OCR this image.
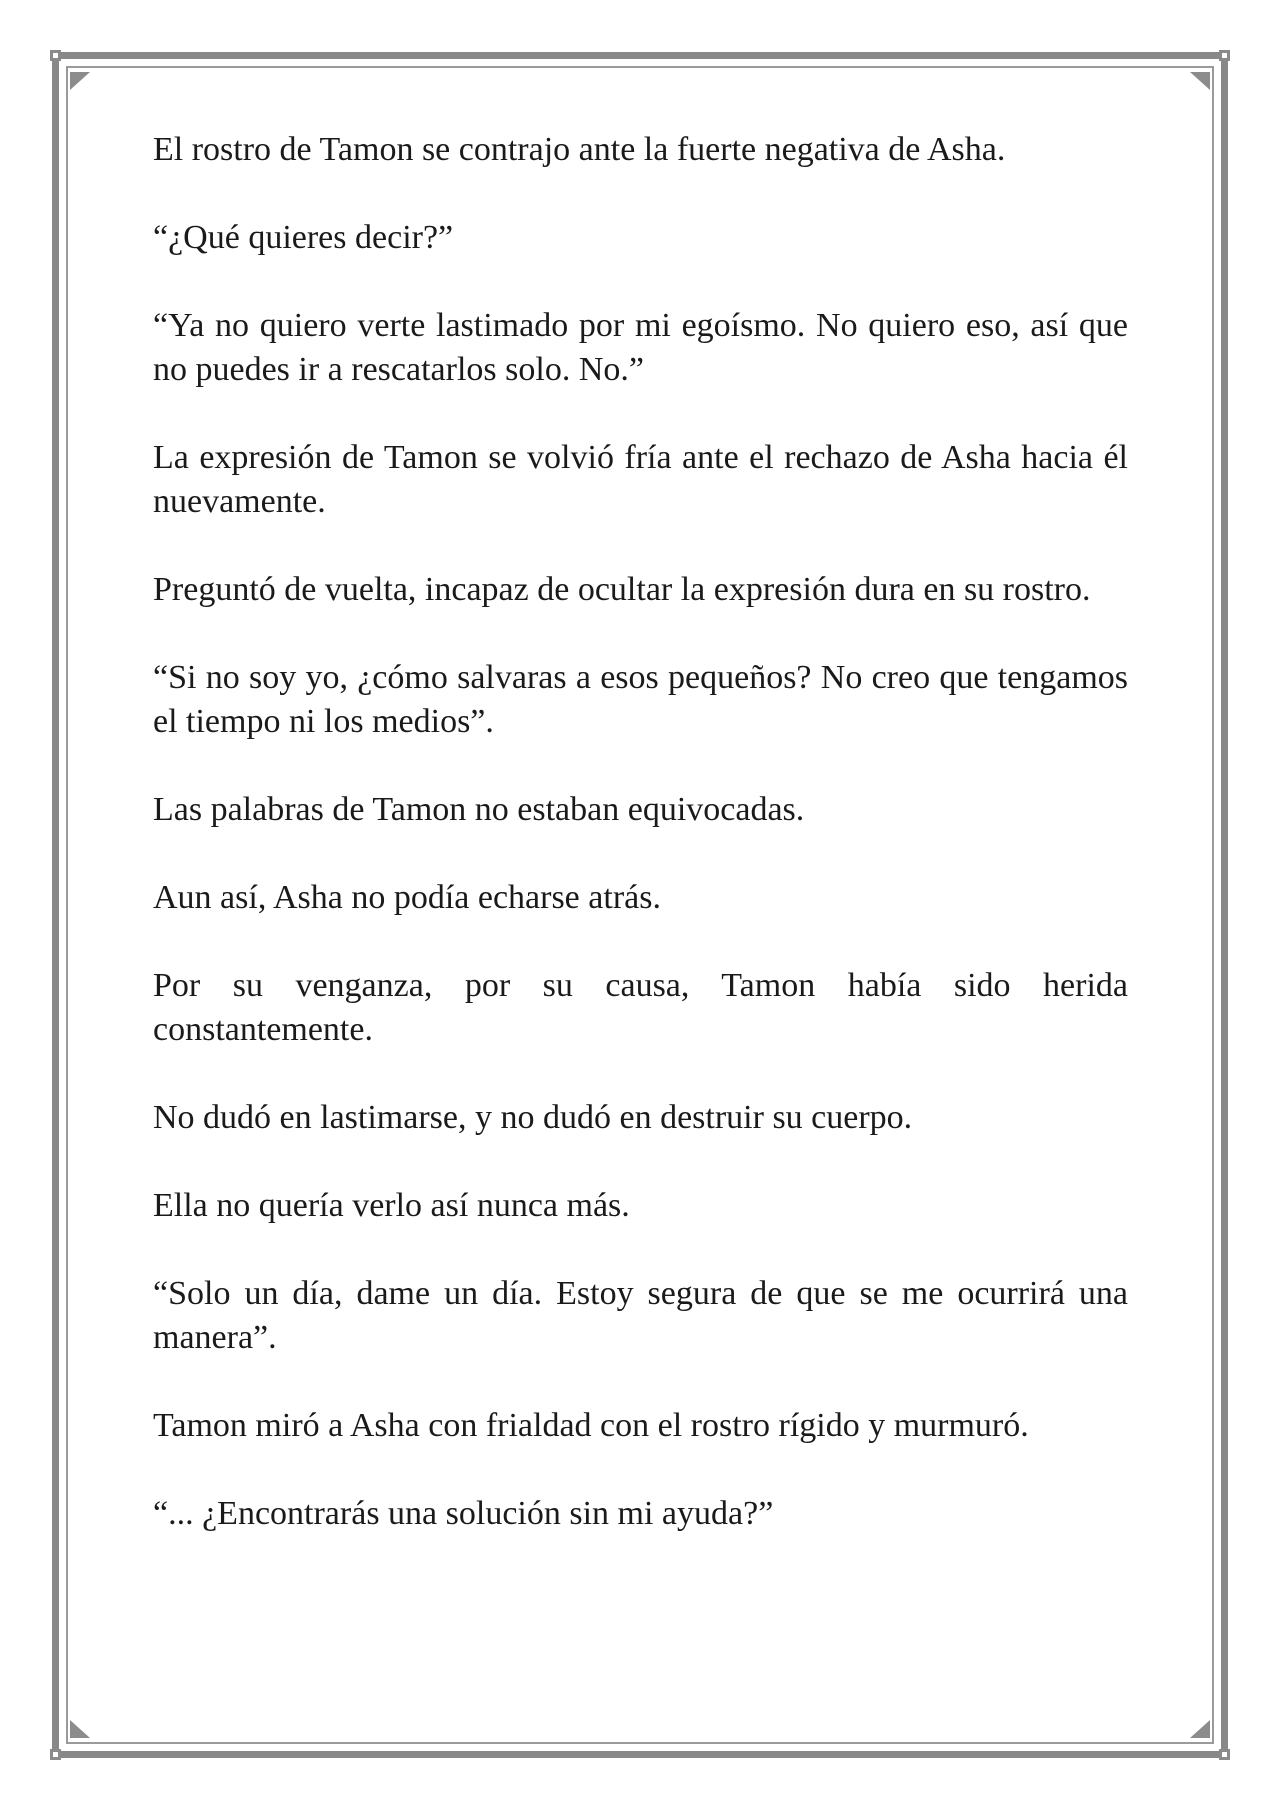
El rostro de Tamon se contrajo ante la fuerte negativa de Asha.

“¿Qué quieres decir?”

“Ya no quiero verte lastimado por mi egoísmo. No quiero eso, así que no puedes ir a rescatarlos solo. No.”

La expresión de Tamon se volvió fría ante el rechazo de Asha hacia él nuevamente.

Preguntó de vuelta, incapaz de ocultar la expresión dura en su rostro.

“Si no soy yo, ¿cómo salvaras a esos pequeños? No creo que tengamos el tiempo ni los medios”.

Las palabras de Tamon no estaban equivocadas.

Aun así, Asha no podía echarse atrás.

Por su venganza, por su causa, Tamon había sido herida constantemente.

No dudó en lastimarse, y no dudó en destruir su cuerpo.

Ella no quería verlo así nunca más.

“Solo un día, dame un día. Estoy segura de que se me ocurrirá una manera”.

Tamon miró a Asha con frialdad con el rostro rígido y murmuró.

“... ¿Encontrarás una solución sin mi ayuda?”
